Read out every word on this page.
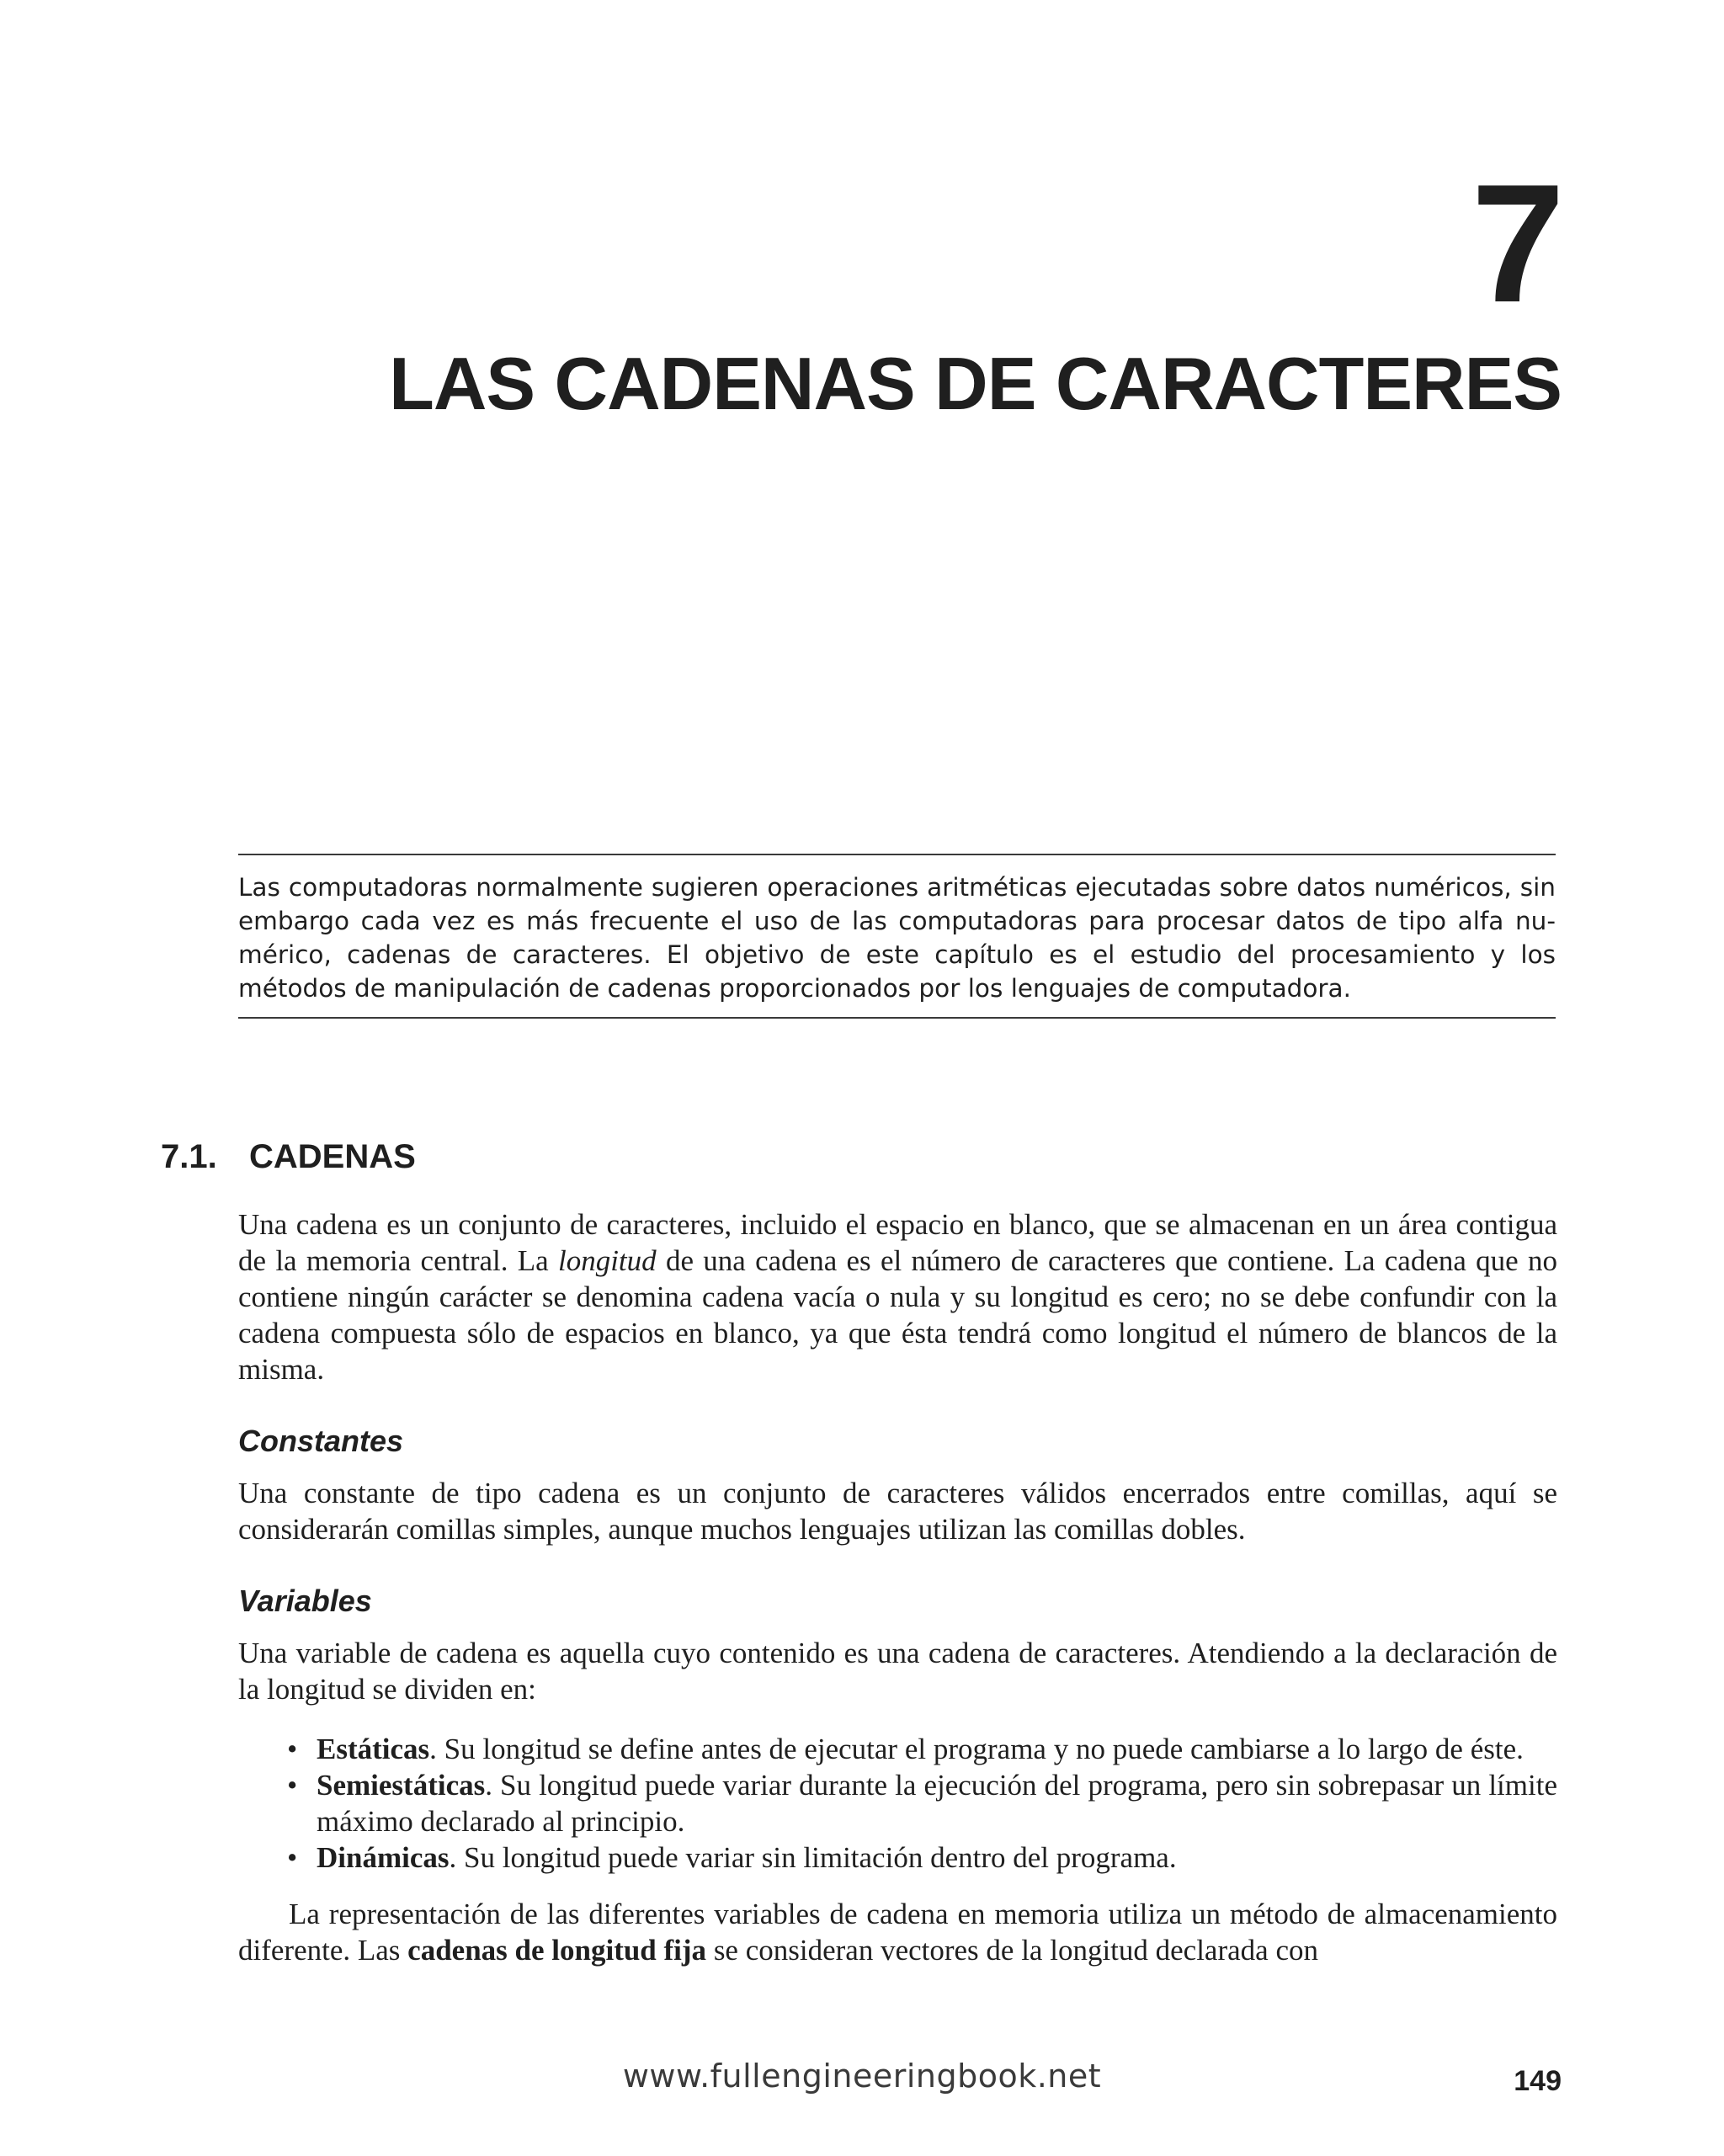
7
LAS CADENAS DE CARACTERES

Las computadoras normalmente sugieren operaciones aritméticas ejecutadas sobre datos numéricos, sin embargo cada vez es más frecuente el uso de las computadoras para procesar datos de tipo alfa numérico, cadenas de caracteres. El objetivo de este capítulo es el estudio del procesamiento y los métodos de manipulación de cadenas proporcionados por los lenguajes de computadora.

7.1. CADENAS

Una cadena es un conjunto de caracteres, incluido el espacio en blanco, que se almacenan en un área contigua de la memoria central. La longitud de una cadena es el número de caracteres que contiene. La cadena que no contiene ningún carácter se denomina cadena vacía o nula y su longitud es cero; no se debe confundir con la cadena compuesta sólo de espacios en blanco, ya que ésta tendrá como longitud el número de blancos de la misma.

Constantes

Una constante de tipo cadena es un conjunto de caracteres válidos encerrados entre comillas, aquí se considerarán comillas simples, aunque muchos lenguajes utilizan las comillas dobles.

Variables

Una variable de cadena es aquella cuyo contenido es una cadena de caracteres. Atendiendo a la declaración de la longitud se dividen en:

• Estáticas. Su longitud se define antes de ejecutar el programa y no puede cambiarse a lo largo de éste.
• Semiestáticas. Su longitud puede variar durante la ejecución del programa, pero sin sobrepasar un límite máximo declarado al principio.
• Dinámicas. Su longitud puede variar sin limitación dentro del programa.

La representación de las diferentes variables de cadena en memoria utiliza un método de almacenamiento diferente. Las cadenas de longitud fija se consideran vectores de la longitud declarada con

www.fullengineeringbook.net	149
